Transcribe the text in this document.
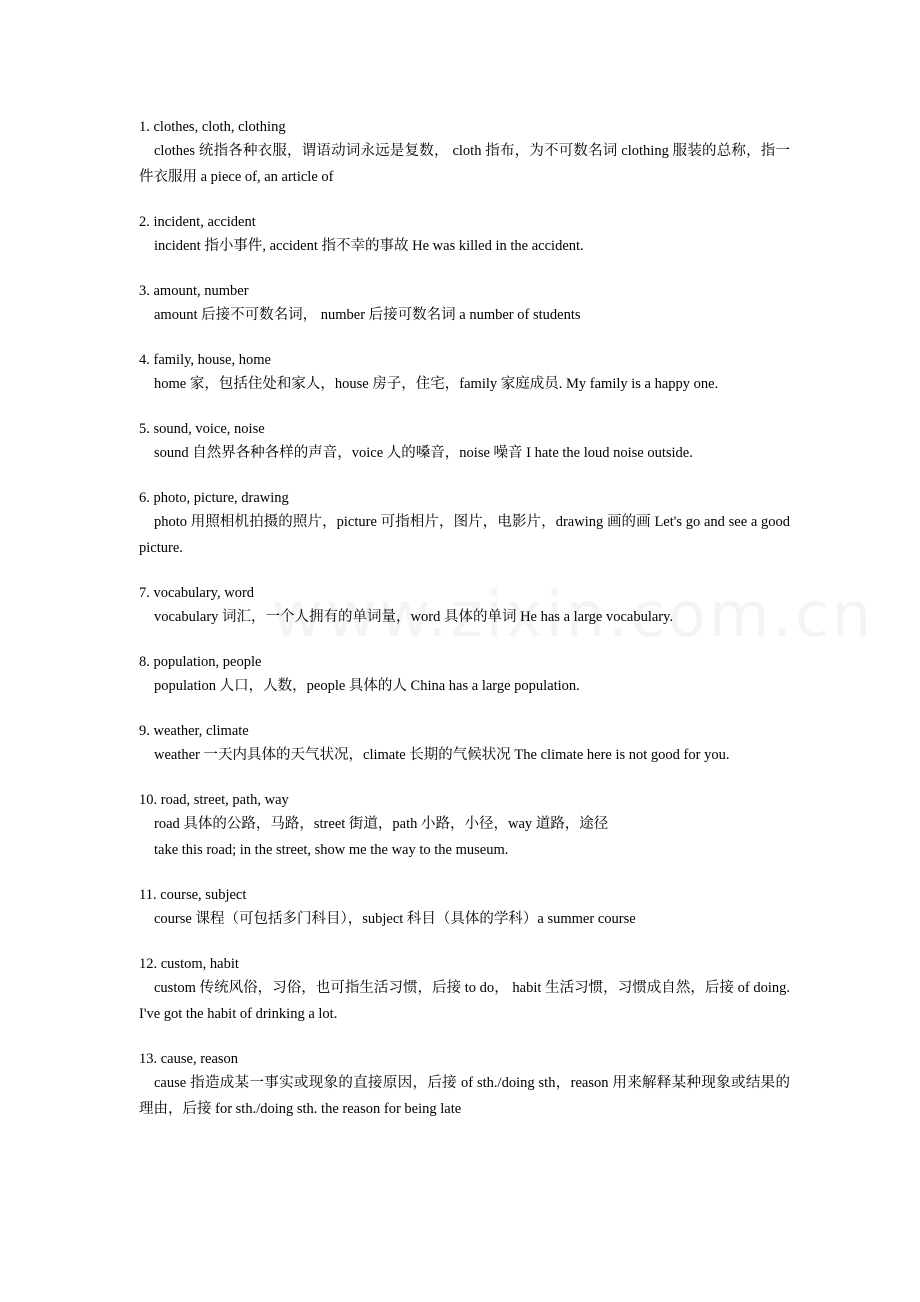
1. clothes, cloth, clothing

clothes 统指各种衣服，谓语动词永远是复数， cloth 指布，为不可数名词 clothing 服装的总称，指一件衣服用 a piece of, an article of

2. incident, accident

incident 指小事件, accident 指不幸的事故 He was killed in the accident.

3. amount, number

amount 后接不可数名词， number 后接可数名词 a number of students

4. family, house, home

home 家，包括住处和家人，house 房子，住宅，family 家庭成员. My family is a happy one.

5. sound, voice, noise

sound 自然界各种各样的声音，voice 人的嗓音，noise 噪音 I hate the loud noise outside.

6. photo, picture, drawing

photo 用照相机拍摄的照片，picture 可指相片，图片，电影片，drawing 画的画 Let's go and see a good picture.

7. vocabulary, word

vocabulary 词汇，一个人拥有的单词量，word 具体的单词 He has a large vocabulary.

8. population, people

population 人口，人数，people 具体的人 China has a large population.

9. weather, climate

weather 一天内具体的天气状况，climate 长期的气候状况 The climate here is not good for you.

10. road, street, path, way

road 具体的公路，马路，street 街道，path 小路，小径，way 道路，途径

take this road; in the street, show me the way to the museum.

11. course, subject

course 课程（可包括多门科目），subject 科目（具体的学科）a summer course

12. custom, habit

custom 传统风俗，习俗，也可指生活习惯，后接 to do， habit 生活习惯，习惯成自然，后接 of doing. I've got the habit of drinking a lot.

13. cause, reason

cause 指造成某一事实或现象的直接原因，后接 of sth./doing sth，reason 用来解释某种现象或结果的理由，后接 for sth./doing sth. the reason for being late
